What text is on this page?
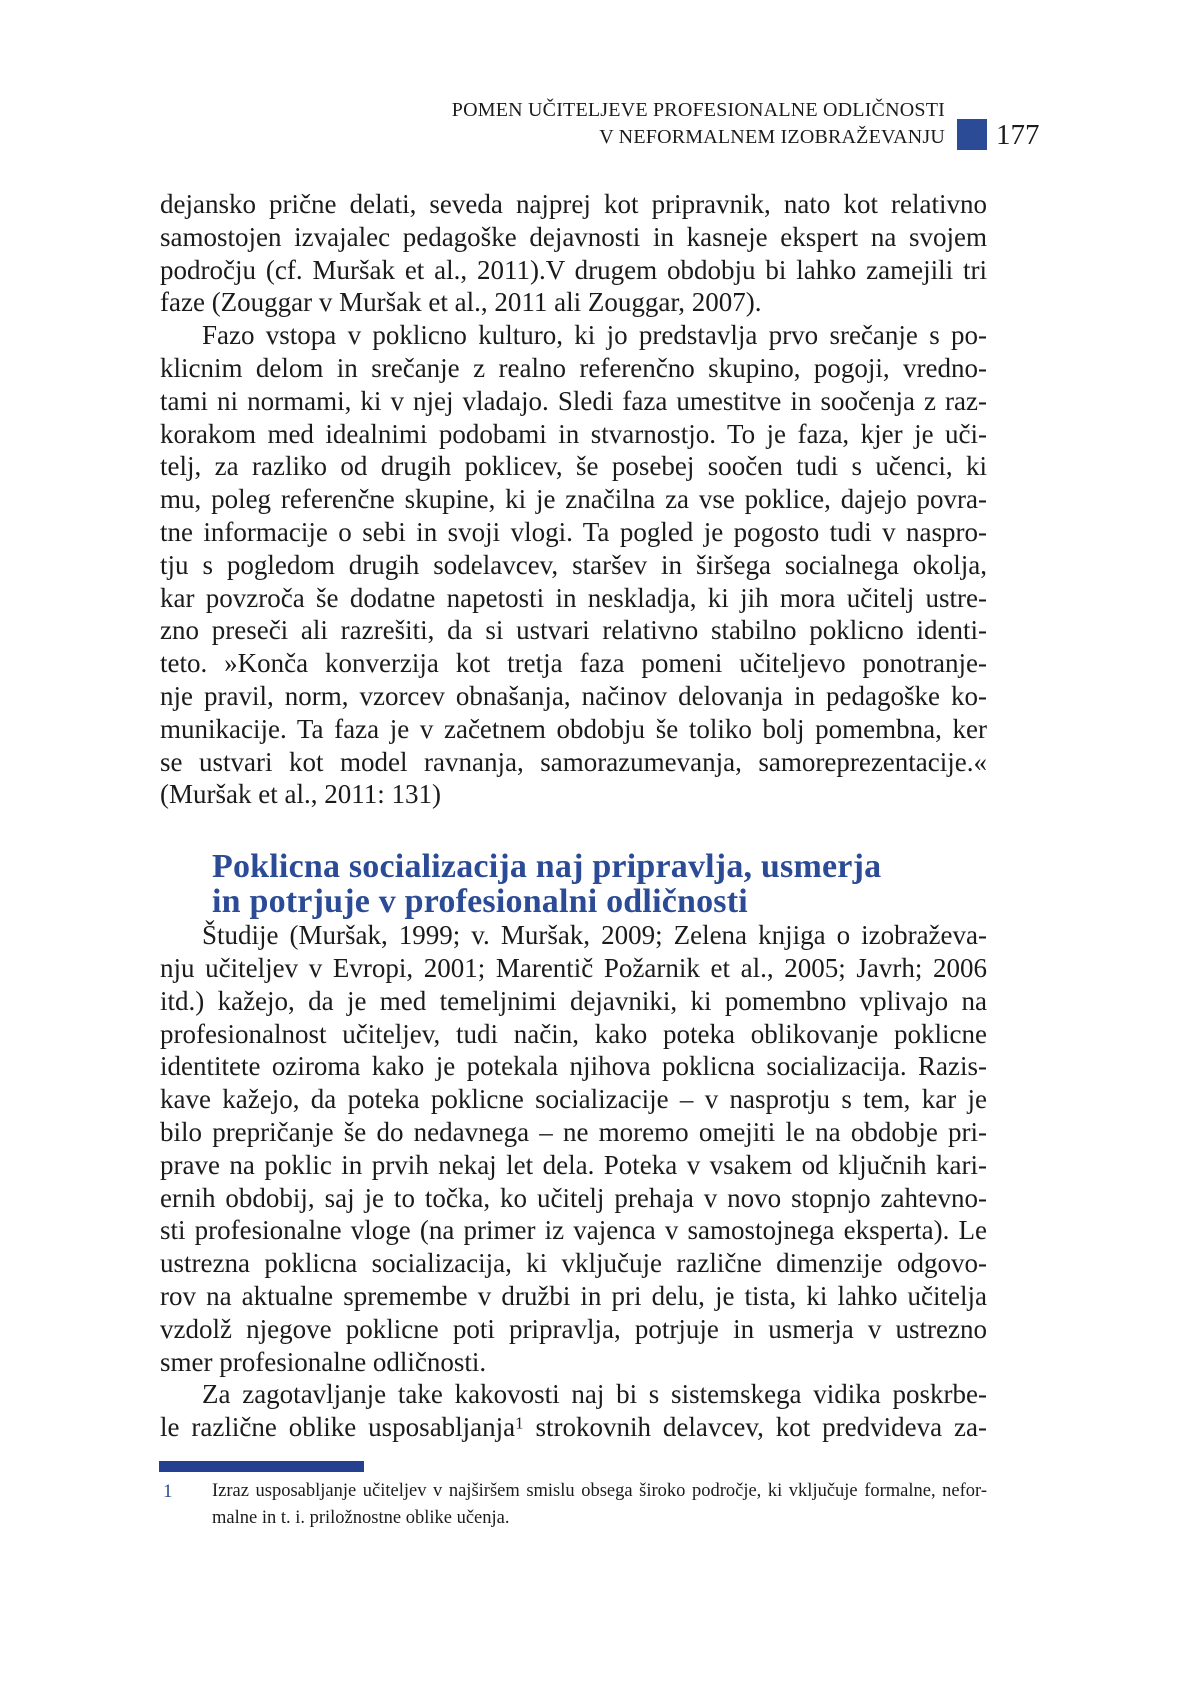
POMEN UČITELJEVE PROFESIONALNE ODLIČNOSTI
V NEFORMALNEM IZOBRAŽEVANJU 177
dejansko prične delati, seveda najprej kot pripravnik, nato kot relativno
samostojen izvajalec pedagoške dejavnosti in kasneje ekspert na svojem
področju (cf. Muršak et al., 2011).V drugem obdobju bi lahko zamejili tri
faze (Zouggar v Muršak et al., 2011 ali Zouggar, 2007).
Fazo vstopa v poklicno kulturo, ki jo predstavlja prvo srečanje s po-
klicnim delom in srečanje z realno referenčno skupino, pogoji, vredno-
tami ni normami, ki v njej vladajo. Sledi faza umestitve in soočenja z raz-
korakom med idealnimi podobami in stvarnostjo. To je faza, kjer je uči-
telj, za razliko od drugih poklicev, še posebej soočen tudi s učenci, ki
mu, poleg referenčne skupine, ki je značilna za vse poklice, dajejo povra-
tne informacije o sebi in svoji vlogi. Ta pogled je pogosto tudi v naspro-
tju s pogledom drugih sodelavcev, staršev in širšega socialnega okolja,
kar povzroča še dodatne napetosti in neskladja, ki jih mora učitelj ustre-
zno preseči ali razrešiti, da si ustvari relativno stabilno poklicno identi-
teto. »Konča konverzija kot tretja faza pomeni učiteljevo ponotranje-
nje pravil, norm, vzorcev obnašanja, načinov delovanja in pedagoške ko-
munikacije. Ta faza je v začetnem obdobju še toliko bolj pomembna, ker
se ustvari kot model ravnanja, samorazumevanja, samoreprezentacije.«
(Muršak et al., 2011: 131)
Poklicna socializacija naj pripravlja, usmerja
in potrjuje v profesionalni odličnosti
Študije (Muršak, 1999; v. Muršak, 2009; Zelena knjiga o izobraževa-
nju učiteljev v Evropi, 2001; Marentič Požarnik et al., 2005; Javrh; 2006
itd.) kažejo, da je med temeljnimi dejavniki, ki pomembno vplivajo na
profesionalnost učiteljev, tudi način, kako poteka oblikovanje poklicne
identitete oziroma kako je potekala njihova poklicna socializacija. Razis-
kave kažejo, da poteka poklicne socializacije – v nasprotju s tem, kar je
bilo prepričanje še do nedavnega – ne moremo omejiti le na obdobje pri-
prave na poklic in prvih nekaj let dela. Poteka v vsakem od ključnih kari-
ernih obdobij, saj je to točka, ko učitelj prehaja v novo stopnjo zahtevno-
sti profesionalne vloge (na primer iz vajenca v samostojnega eksperta). Le
ustrezna poklicna socializacija, ki vključuje različne dimenzije odgovo-
rov na aktualne spremembe v družbi in pri delu, je tista, ki lahko učitelja
vzdolž njegove poklicne poti pripravlja, potrjuje in usmerja v ustrezno
smer profesionalne odličnosti.
Za zagotavljanje take kakovosti naj bi s sistemskega vidika poskrbe-
le različne oblike usposabljanja$^1$ strokovnih delavcev, kot predvideva za-
1 Izraz usposabljanje učiteljev v najširšem smislu obsega široko področje, ki vključuje formalne, nefor-
malne in t. i. priložnostne oblike učenja.
